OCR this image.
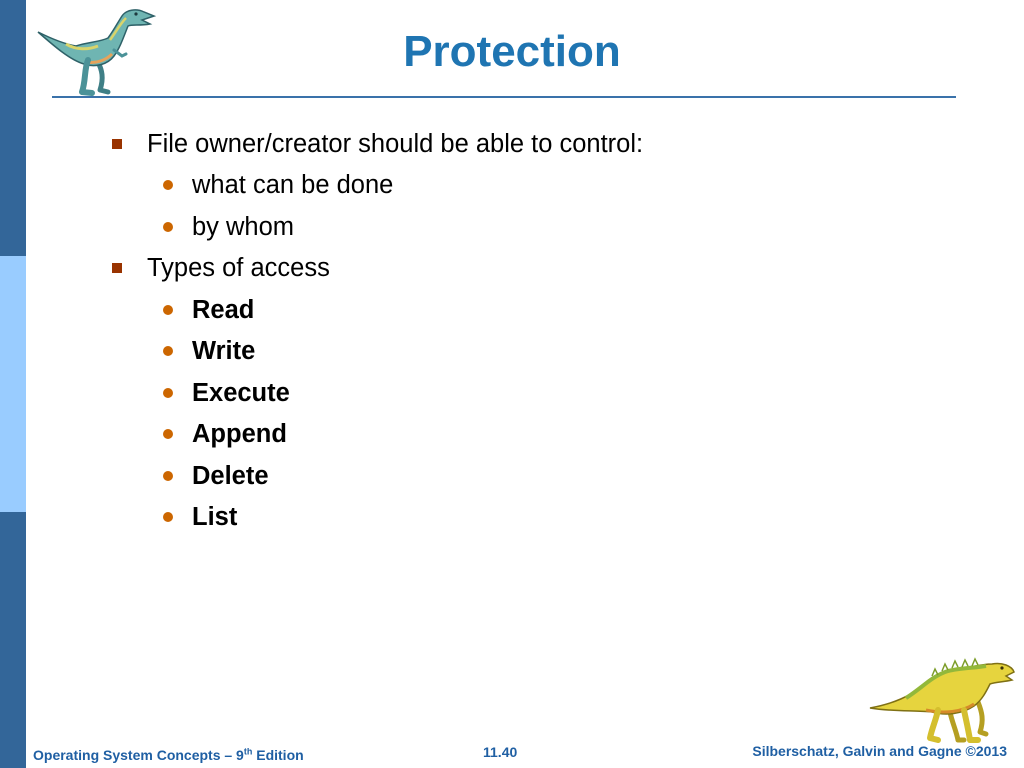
Protection
File owner/creator should be able to control:
what can be done
by whom
Types of access
Read
Write
Execute
Append
Delete
List
Operating System Concepts – 9th Edition	11.40	Silberschatz, Galvin and Gagne ©2013
